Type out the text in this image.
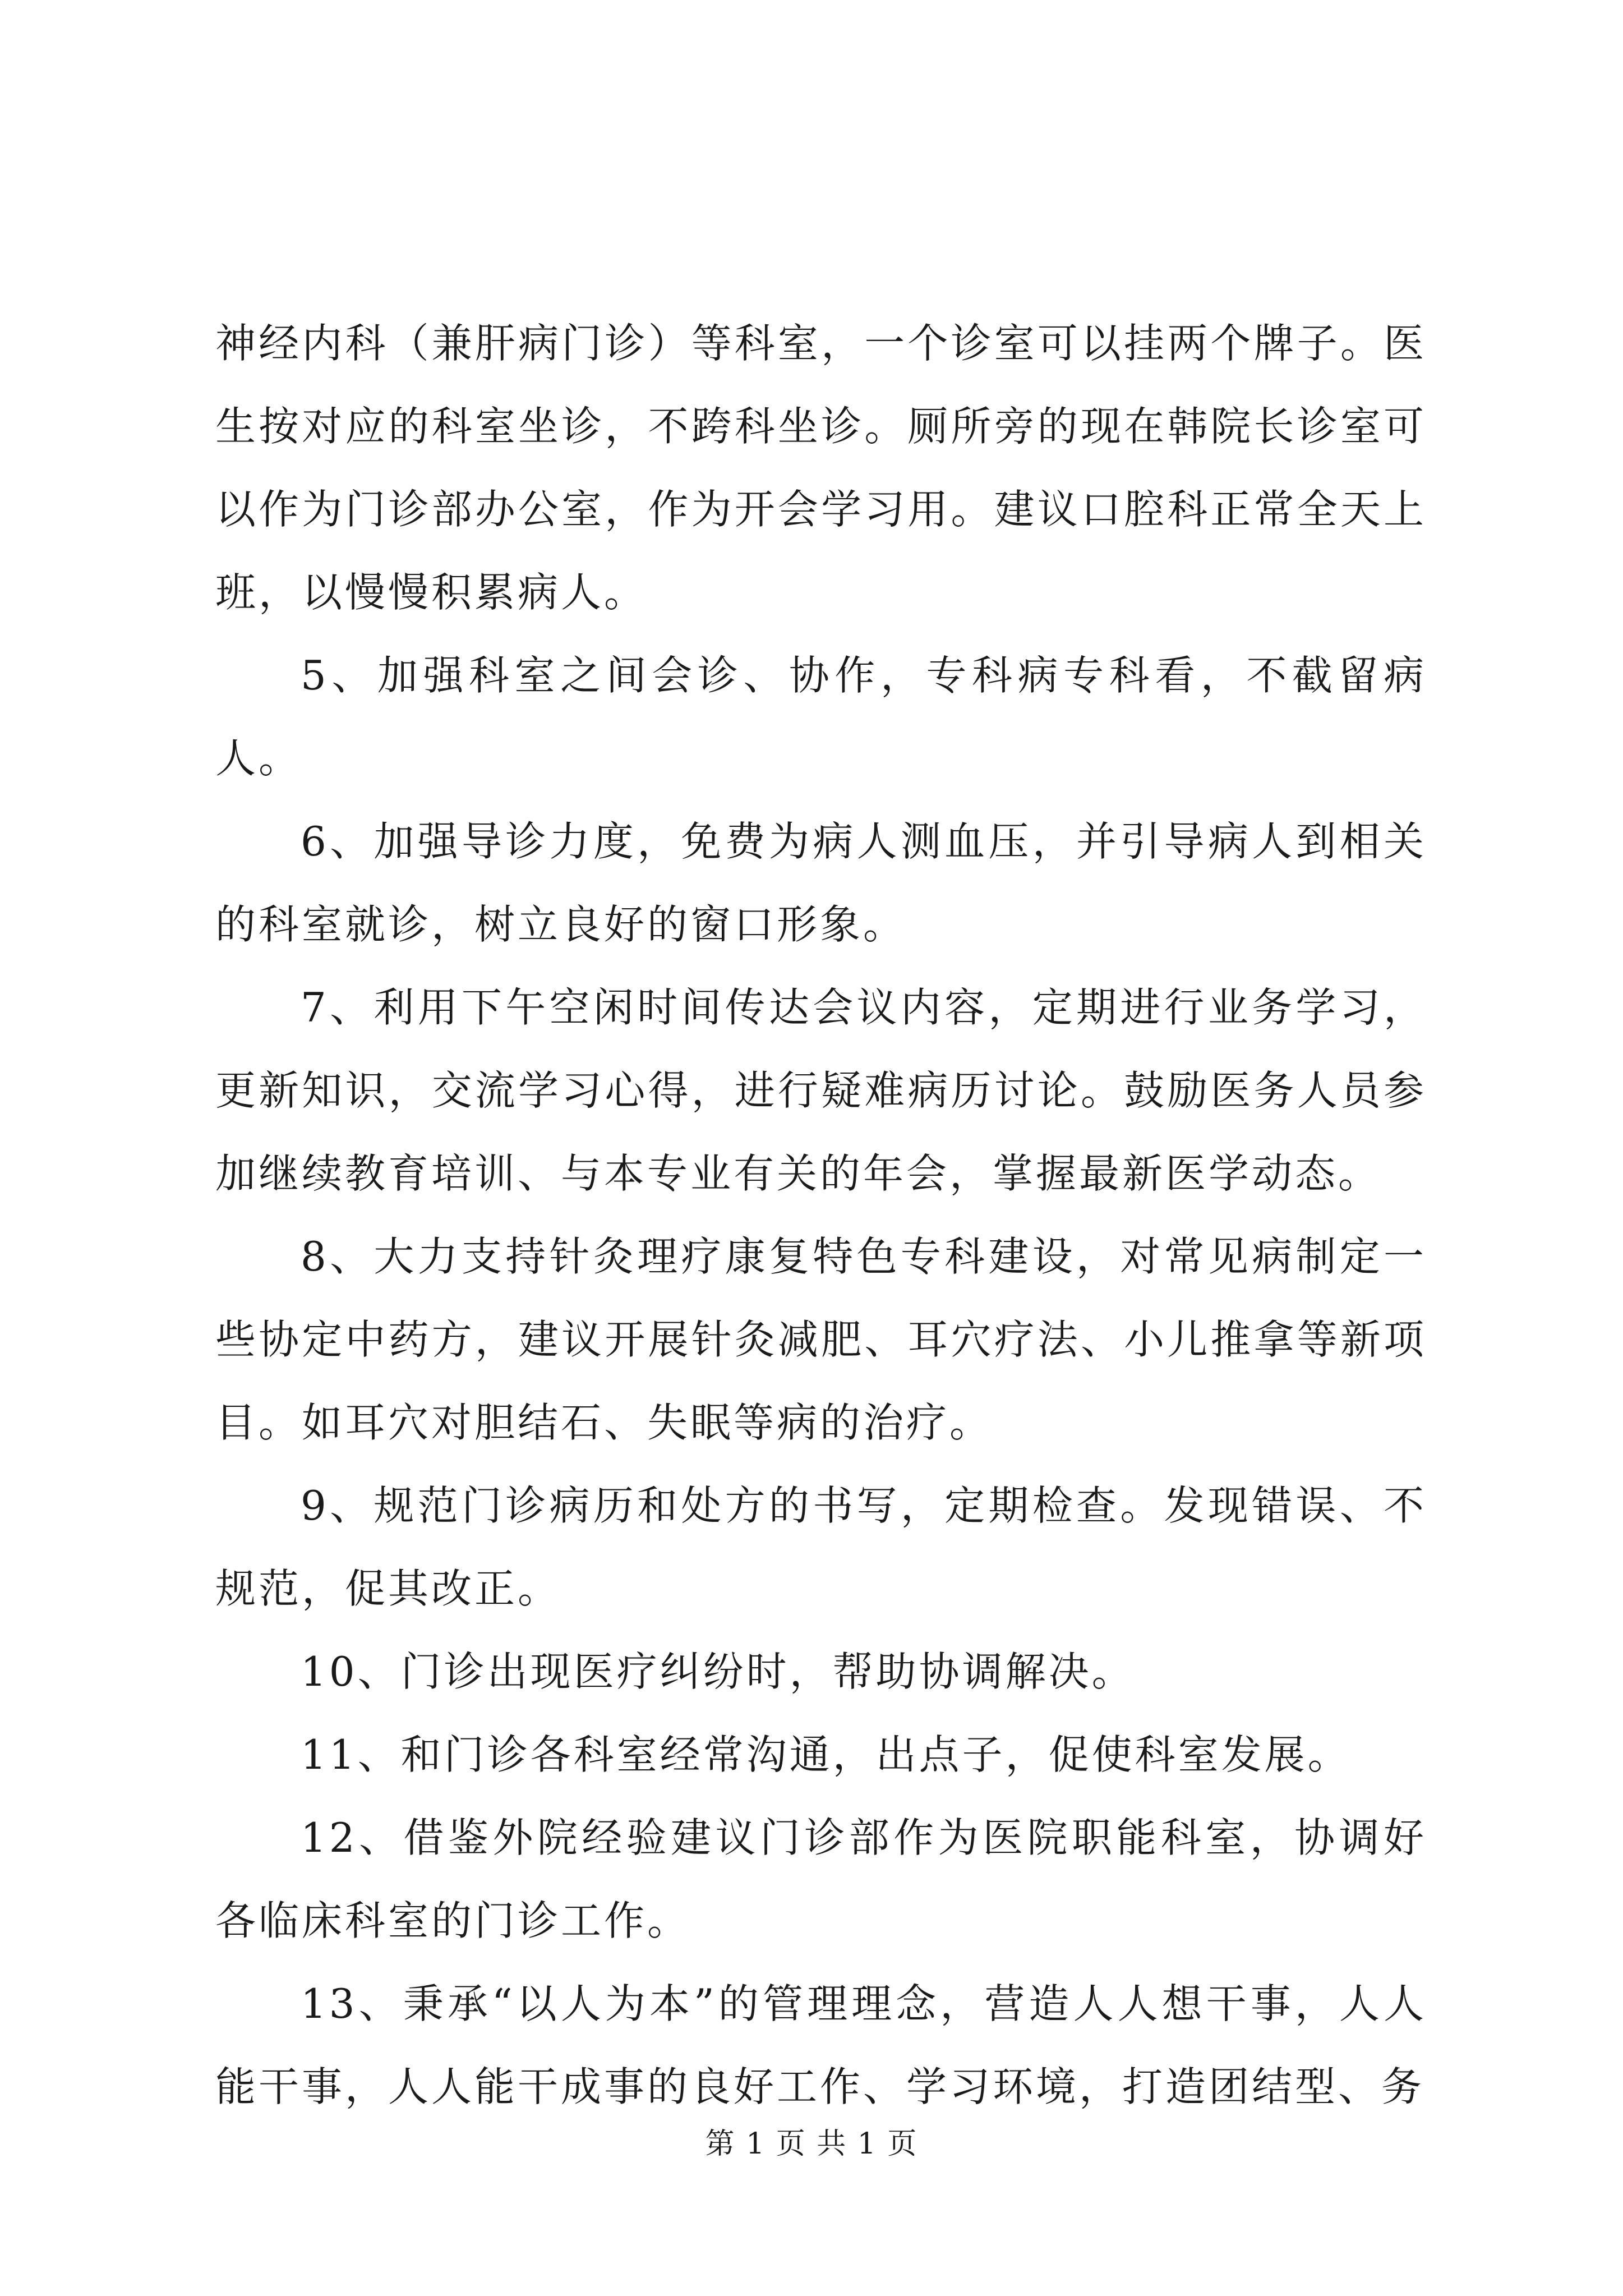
神经内科（兼肝病门诊）等科室，一个诊室可以挂两个牌子。医生按对应的科室坐诊，不跨科坐诊。厕所旁的现在韩院长诊室可以作为门诊部办公室，作为开会学习用。建议口腔科正常全天上班，以慢慢积累病人。

5、加强科室之间会诊、协作，专科病专科看，不截留病人。

6、加强导诊力度，免费为病人测血压，并引导病人到相关的科室就诊，树立良好的窗口形象。

7、利用下午空闲时间传达会议内容，定期进行业务学习，更新知识，交流学习心得，进行疑难病历讨论。鼓励医务人员参加继续教育培训、与本专业有关的年会，掌握最新医学动态。

8、大力支持针灸理疗康复特色专科建设，对常见病制定一些协定中药方，建议开展针灸减肥、耳穴疗法、小儿推拿等新项目。如耳穴对胆结石、失眠等病的治疗。

9、规范门诊病历和处方的书写，定期检查。发现错误、不规范，促其改正。

10、门诊出现医疗纠纷时，帮助协调解决。

11、和门诊各科室经常沟通，出点子，促使科室发展。

12、借鉴外院经验建议门诊部作为医院职能科室，协调好各临床科室的门诊工作。

13、秉承“以人为本”的管理理念，营造人人想干事，人人能干事，人人能干成事的良好工作、学习环境，打造团结型、务

第 1 页 共 1 页
